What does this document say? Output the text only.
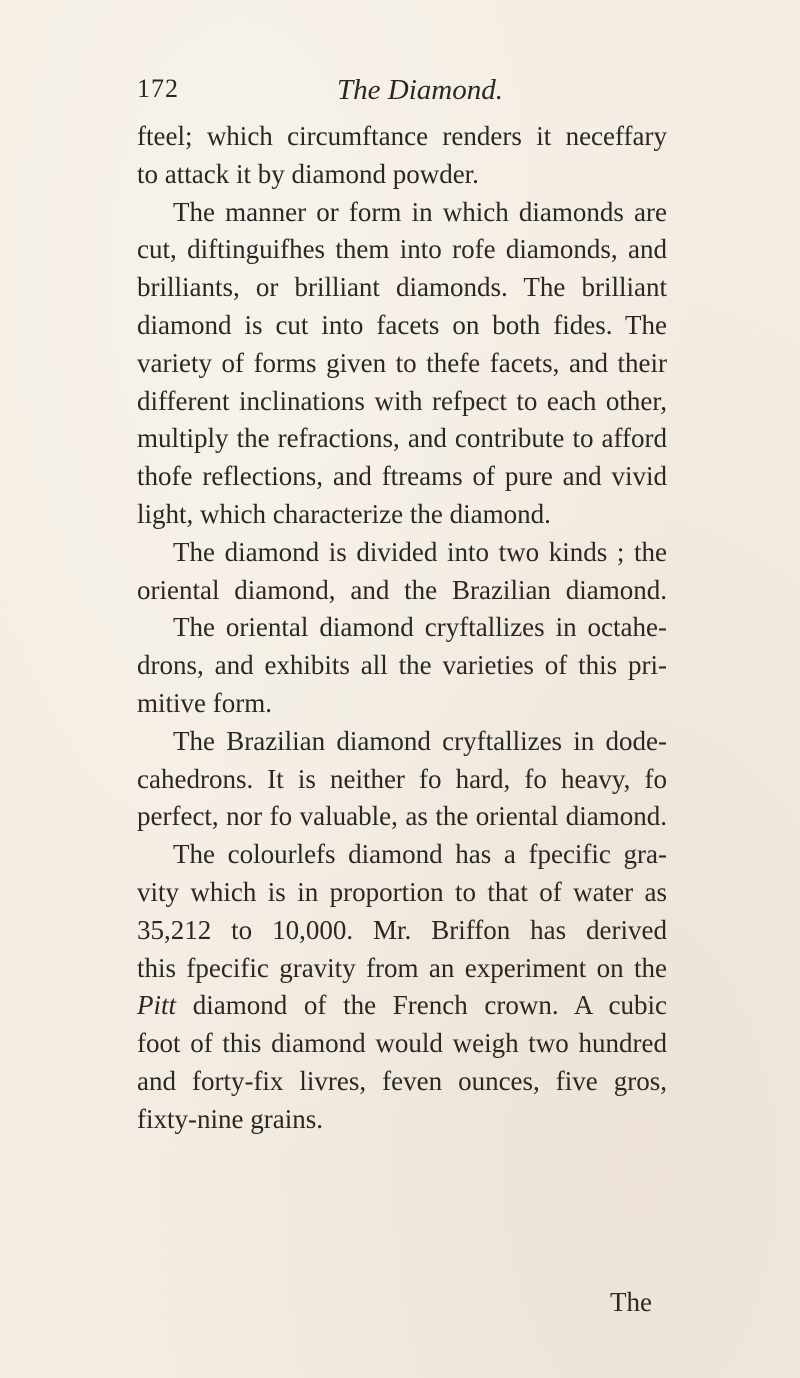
172	The Diamond.
fteel; which circumftance renders it neceffary
to attack it by diamond powder.
The manner or form in which diamonds are
cut, diftinguifhes them into rofe diamonds, and
brilliants, or brilliant diamonds. The brilliant
diamond is cut into facets on both fides. The
variety of forms given to thefe facets, and their
different inclinations with refpect to each other,
multiply the refractions, and contribute to afford
thofe reflections, and ftreams of pure and vivid
light, which characterize the diamond.
The diamond is divided into two kinds ; the
oriental diamond, and the Brazilian diamond.
The oriental diamond cryftallizes in octahe-
drons, and exhibits all the varieties of this pri-
mitive form.
The Brazilian diamond cryftallizes in dode-
cahedrons. It is neither fo hard, fo heavy, fo
perfect, nor fo valuable, as the oriental diamond.
The colourlefs diamond has a fpecific gra-
vity which is in proportion to that of water as
35,212 to 10,000. Mr. Briffon has derived
this fpecific gravity from an experiment on the
Pitt diamond of the French crown. A cubic
foot of this diamond would weigh two hundred
and forty-fix livres, feven ounces, five gros,
fixty-nine grains.
The
